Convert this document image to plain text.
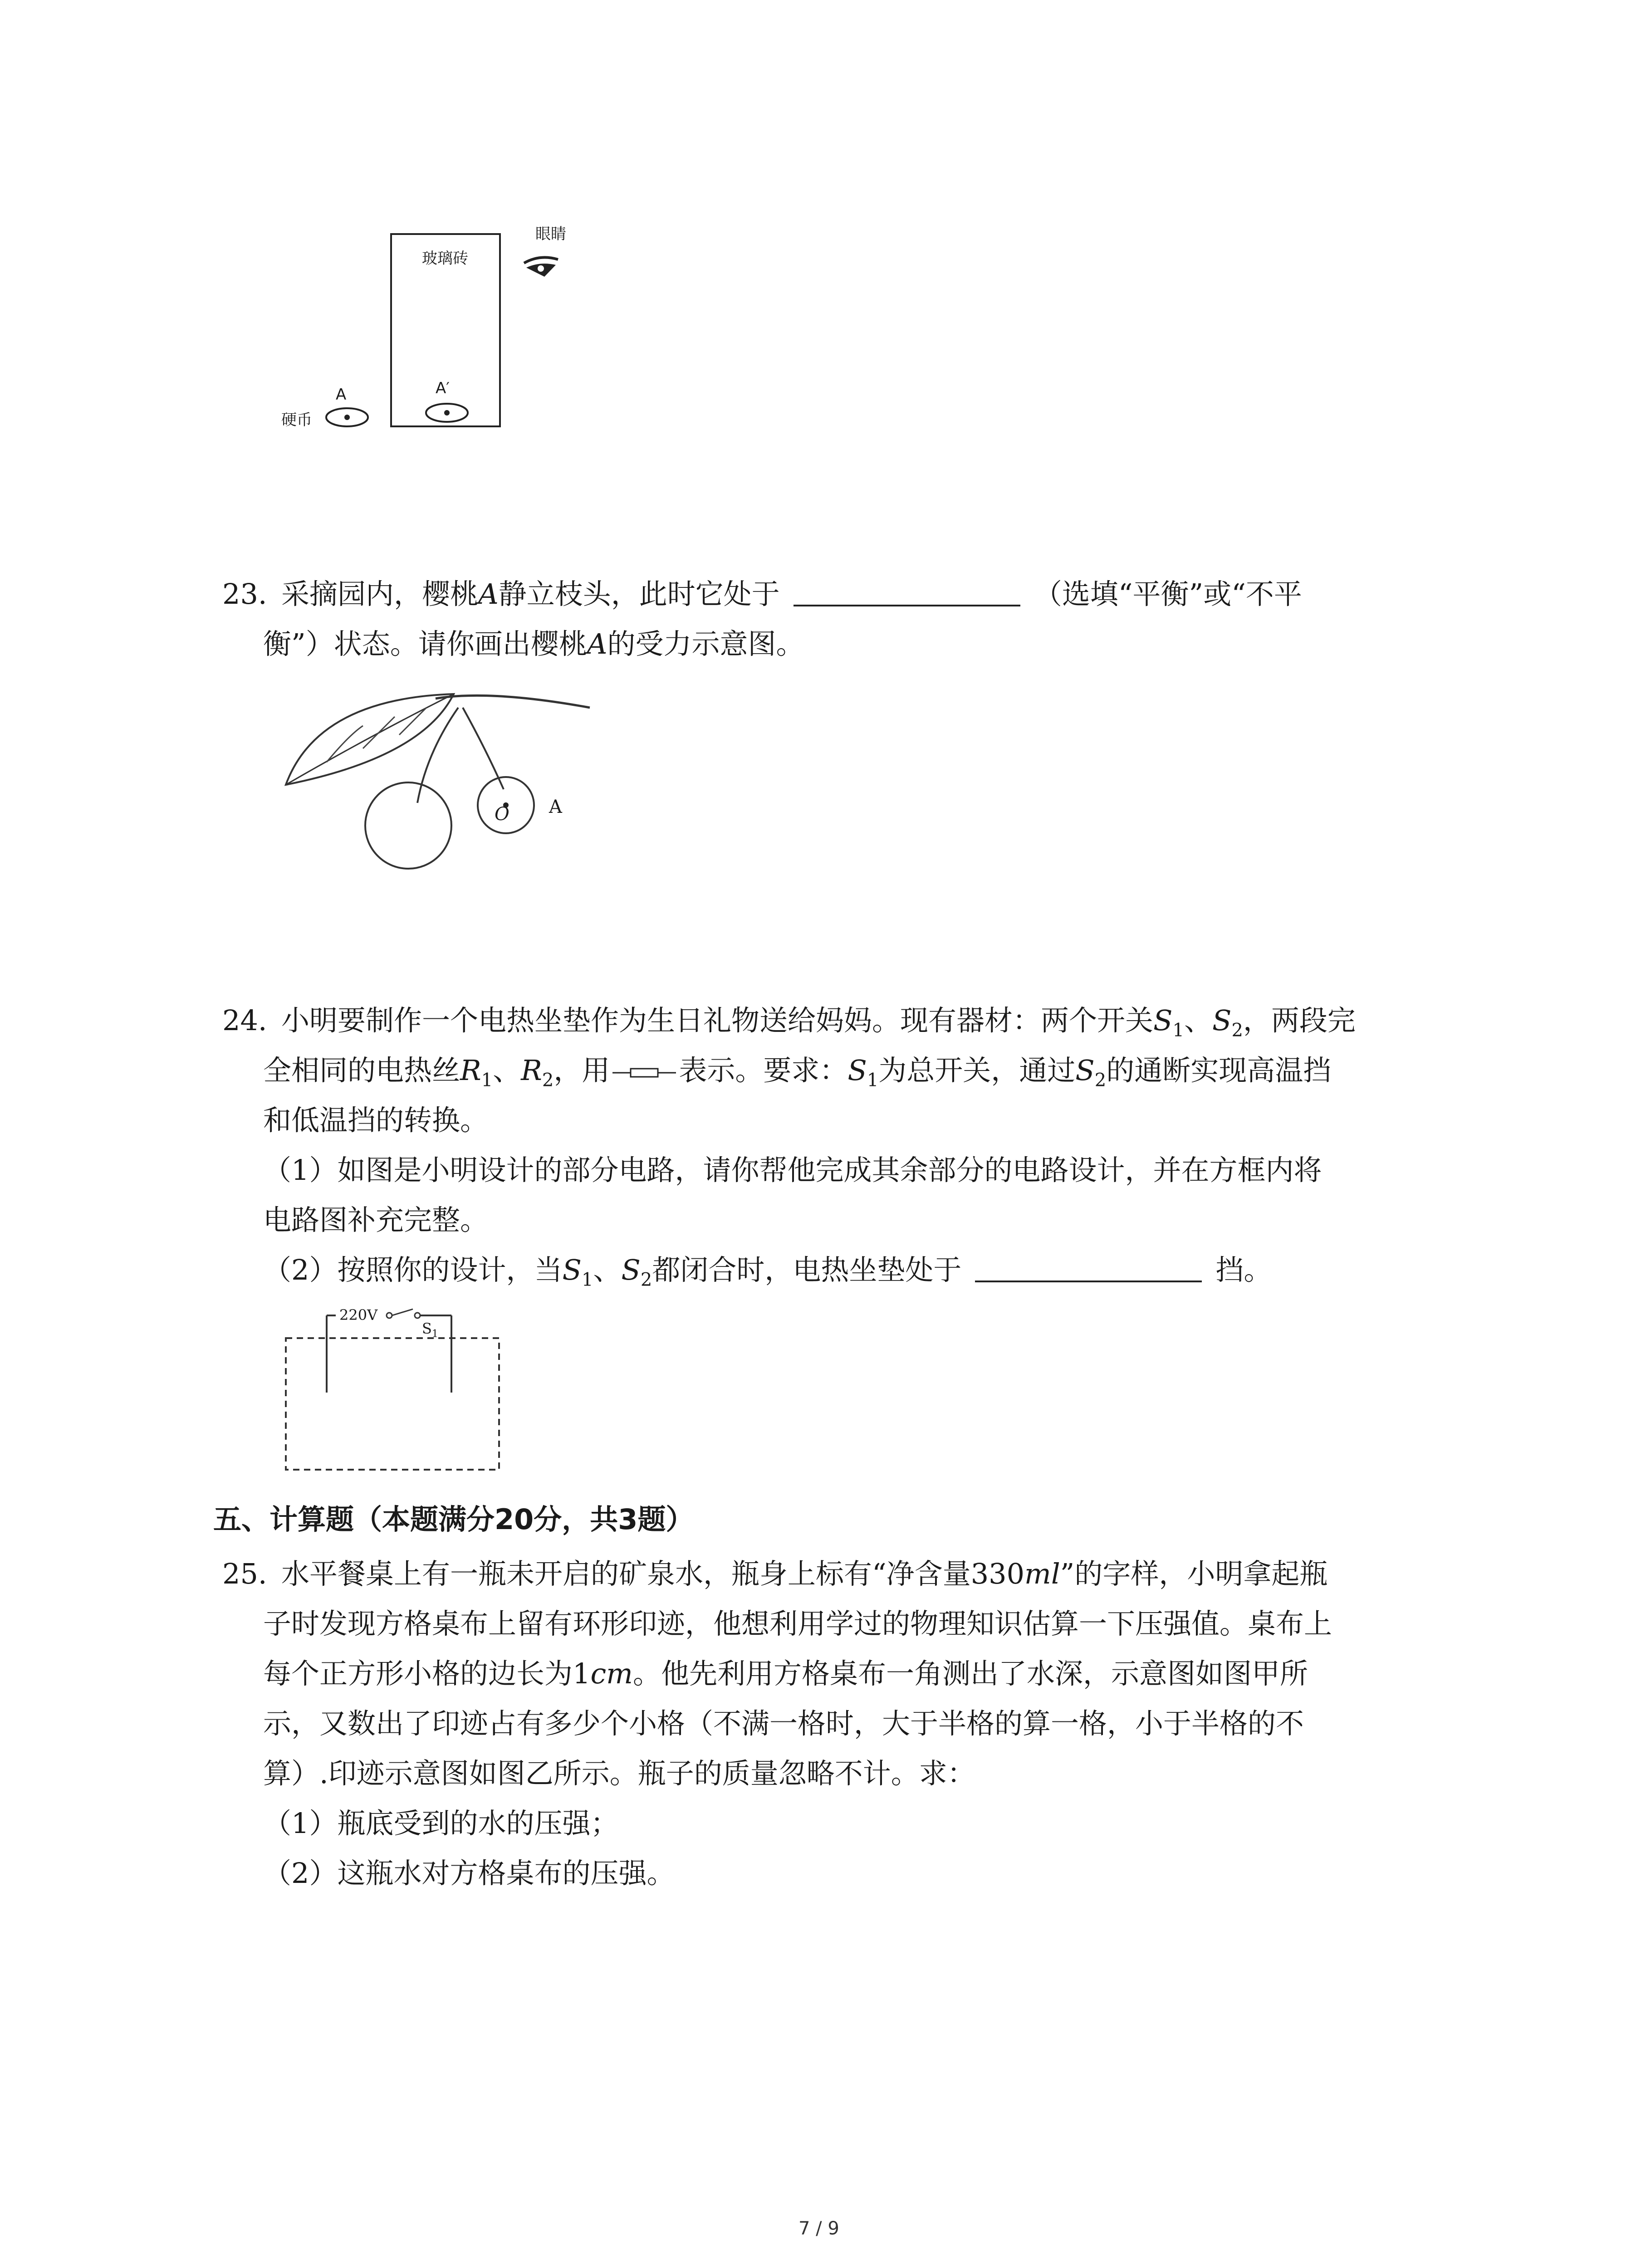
玻璃砖
眼睛
硬币
A	A′
23. 采摘园内，樱桃A静立枝头，此时它处于	（选填“平衡”或“不平
衡”）状态。请你画出樱桃A的受力示意图。
O A
24. 小明要制作一个电热坐垫作为生日礼物送给妈妈。现有器材：两个开关$S_1$、$S_2$，两段完
全相同的电热丝$R_1$、$R_2$，用 表示。要求：$S_1$为总开关，通过$S_2$的通断实现高温挡
和低温挡的转换。
（1）如图是小明设计的部分电路，请你帮他完成其余部分的电路设计，并在方框内将
电路图补充完整。
（2）按照你的设计，当$S_1$、$S_2$都闭合时，电热坐垫处于	挡。
220V
$S_1$
五、计算题（本题满分20分，共3题）
25. 水平餐桌上有一瓶未开启的矿泉水，瓶身上标有“净含量330ml”的字样，小明拿起瓶
子时发现方格桌布上留有环形印迹，他想利用学过的物理知识估算一下压强值。桌布上
每个正方形小格的边长为1cm。他先利用方格桌布一角测出了水深，示意图如图甲所
示，又数出了印迹占有多少个小格（不满一格时，大于半格的算一格，小于半格的不
算）.印迹示意图如图乙所示。瓶子的质量忽略不计。求：
（1）瓶底受到的水的压强；
（2）这瓶水对方格桌布的压强。
7 / 9
